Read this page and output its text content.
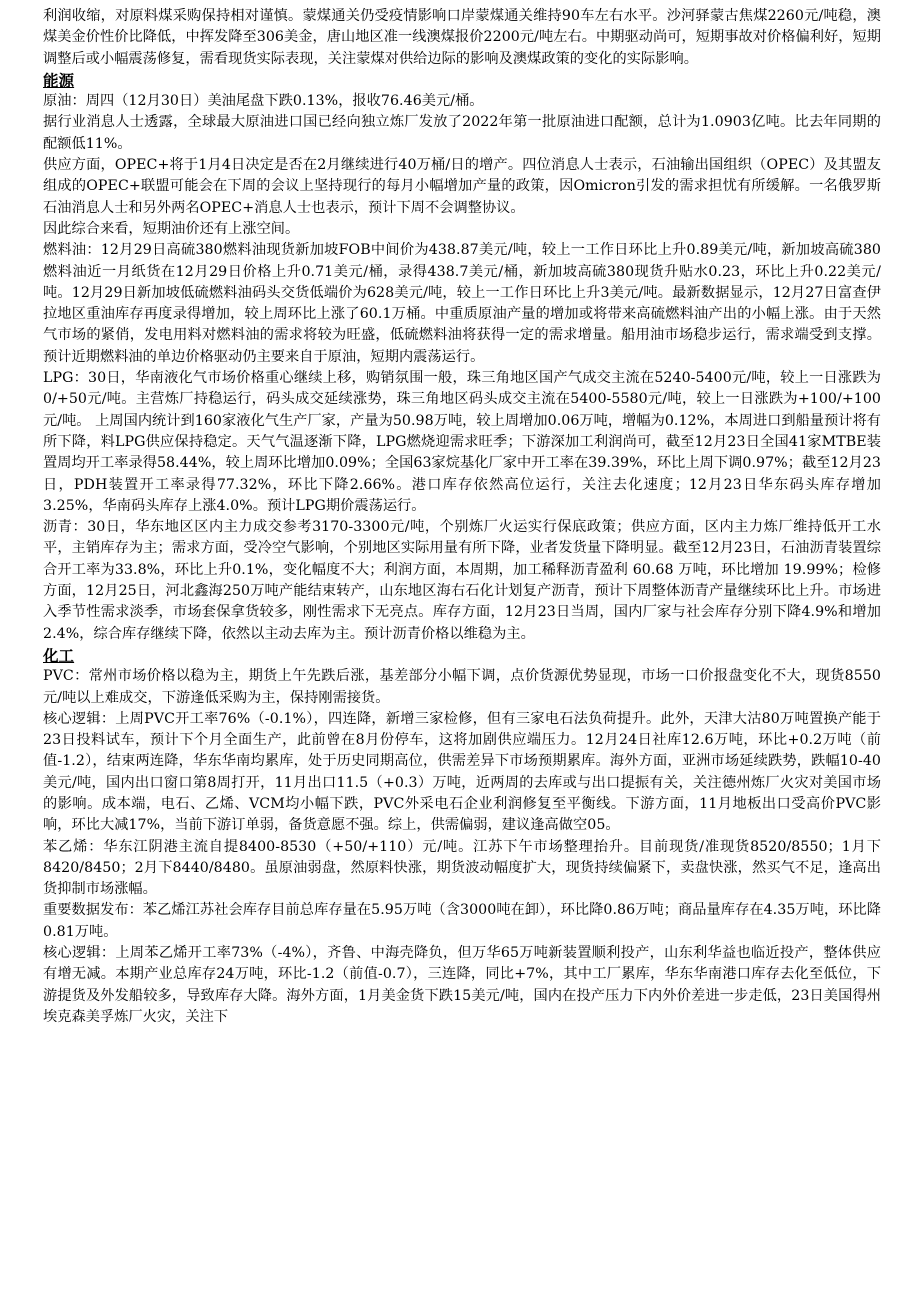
利润收缩，对原料煤采购保持相对谨慎。蒙煤通关仍受疫情影响口岸蒙煤通关维持90车左右水平。沙河驿蒙古焦煤2260元/吨稳，澳煤美金价性价比降低，中挥发降至306美金，唐山地区准一线澳煤报价2200元/吨左右。中期驱动尚可，短期事故对价格偏利好，短期调整后或小幅震荡修复，需看现货实际表现，关注蒙煤对供给边际的影响及澳煤政策的变化的实际影响。

能源

原油：周四（12月30日）美油尾盘下跌0.13%，报收76.46美元/桶。

据行业消息人士透露，全球最大原油进口国已经向独立炼厂发放了2022年第一批原油进口配额，总计为1.0903亿吨。比去年同期的配额低11%。

供应方面，OPEC+将于1月4日决定是否在2月继续进行40万桶/日的增产。四位消息人士表示，石油输出国组织（OPEC）及其盟友组成的OPEC+联盟可能会在下周的会议上坚持现行的每月小幅增加产量的政策，因Omicron引发的需求担忧有所缓解。一名俄罗斯石油消息人士和另外两名OPEC+消息人士也表示，预计下周不会调整协议。

因此综合来看，短期油价还有上涨空间。

燃料油：12月29日高硫380燃料油现货新加坡FOB中间价为438.87美元/吨，较上一工作日环比上升0.89美元/吨，新加坡高硫380燃料油近一月纸货在12月29日价格上升0.71美元/桶，录得438.7美元/桶，新加坡高硫380现货升贴水0.23，环比上升0.22美元/吨。12月29日新加坡低硫燃料油码头交货低端价为628美元/吨，较上一工作日环比上升3美元/吨。最新数据显示，12月27日富查伊拉地区重油库存再度录得增加，较上周环比上涨了60.1万桶。中重质原油产量的增加或将带来高硫燃料油产出的小幅上涨。由于天然气市场的紧俏，发电用料对燃料油的需求将较为旺盛，低硫燃料油将获得一定的需求增量。船用油市场稳步运行，需求端受到支撑。预计近期燃料油的单边价格驱动仍主要来自于原油，短期内震荡运行。

LPG：30日，华南液化气市场价格重心继续上移，购销氛围一般，珠三角地区国产气成交主流在5240-5400元/吨，较上一日涨跌为0/+50元/吨。主营炼厂持稳运行，码头成交延续涨势，珠三角地区码头成交主流在5400-5580元/吨，较上一日涨跌为+100/+100元/吨。 上周国内统计到160家液化气生产厂家，产量为50.98万吨，较上周增加0.06万吨，增幅为0.12%，本周进口到船量预计将有所下降，料LPG供应保持稳定。天气气温逐渐下降，LPG燃烧迎需求旺季；下游深加工利润尚可，截至12月23日全国41家MTBE装置周均开工率录得58.44%，较上周环比增加0.09%；全国63家烷基化厂家中开工率在39.39%，环比上周下调0.97%；截至12月23日，PDH装置开工率录得77.32%，环比下降2.66%。港口库存依然高位运行，关注去化速度；12月23日华东码头库存增加3.25%，华南码头库存上涨4.0%。预计LPG期价震荡运行。

沥青：30日，华东地区区内主力成交参考3170-3300元/吨，个别炼厂火运实行保底政策；供应方面，区内主力炼厂维持低开工水平，主销库存为主；需求方面，受冷空气影响，个别地区实际用量有所下降，业者发货量下降明显。截至12月23日，石油沥青装置综合开工率为33.8%，环比上升0.1%，变化幅度不大；利润方面，本周期，加工稀释沥青盈利 60.68 万吨，环比增加 19.99%；检修方面，12月25日，河北鑫海250万吨产能结束转产，山东地区海右石化计划复产沥青，预计下周整体沥青产量继续环比上升。市场进入季节性需求淡季，市场套保拿货较多，刚性需求下无亮点。库存方面，12月23日当周，国内厂家与社会库存分别下降4.9%和增加2.4%，综合库存继续下降，依然以主动去库为主。预计沥青价格以维稳为主。

化工

PVC：常州市场价格以稳为主，期货上午先跌后涨，基差部分小幅下调，点价货源优势显现，市场一口价报盘变化不大，现货8550元/吨以上难成交，下游逢低采购为主，保持刚需接货。

核心逻辑：上周PVC开工率76%（-0.1%），四连降，新增三家检修，但有三家电石法负荷提升。此外，天津大沽80万吨置换产能于23日投料试车，预计下个月全面生产，此前曾在8月份停车，这将加剧供应端压力。12月24日社库12.6万吨，环比+0.2万吨（前值-1.2），结束两连降，华东华南均累库，处于历史同期高位，供需差异下市场预期累库。海外方面，亚洲市场延续跌势，跌幅10-40美元/吨，国内出口窗口第8周打开，11月出口11.5（+0.3）万吨，近两周的去库或与出口提振有关，关注德州炼厂火灾对美国市场的影响。成本端，电石、乙烯、VCM均小幅下跌，PVC外采电石企业利润修复至平衡线。下游方面，11月地板出口受高价PVC影响，环比大减17%，当前下游订单弱，备货意愿不强。综上，供需偏弱，建议逢高做空05。

苯乙烯：华东江阴港主流自提8400-8530（+50/+110）元/吨。江苏下午市场整理抬升。目前现货/准现货8520/8550；1月下8420/8450；2月下8440/8480。虽原油弱盘，然原料快涨，期货波动幅度扩大，现货持续偏紧下，卖盘快涨，然买气不足，逢高出货抑制市场涨幅。

重要数据发布：苯乙烯江苏社会库存目前总库存量在5.95万吨（含3000吨在卸），环比降0.86万吨；商品量库存在4.35万吨，环比降0.81万吨。

核心逻辑：上周苯乙烯开工率73%（-4%），齐鲁、中海壳降负，但万华65万吨新装置顺利投产，山东利华益也临近投产，整体供应有增无减。本期产业总库存24万吨，环比-1.2（前值-0.7），三连降，同比+7%，其中工厂累库，华东华南港口库存去化至低位，下游提货及外发船较多，导致库存大降。海外方面，1月美金货下跌15美元/吨，国内在投产压力下内外价差进一步走低，23日美国得州埃克森美孚炼厂火灾，关注下
